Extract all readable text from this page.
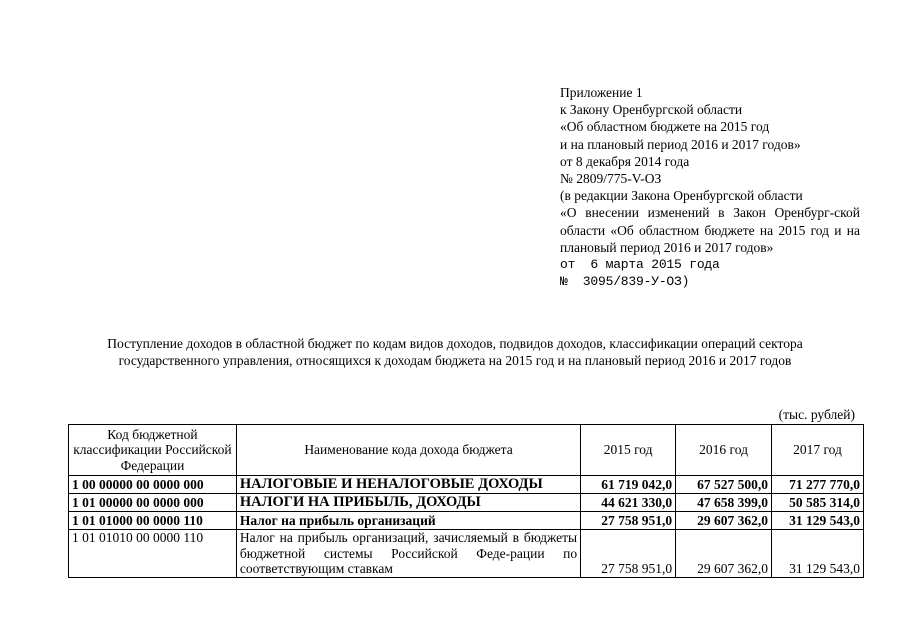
Приложение 1
к Закону Оренбургской области
«Об областном бюджете на 2015 год
и на плановый период 2016 и 2017 годов»
от 8 декабря 2014 года
№ 2809/775-V-ОЗ
(в редакции Закона Оренбургской области
«О внесении изменений в Закон Оренбург-ской области «Об областном бюджете на 2015 год и на плановый период 2016 и 2017 годов»
от  6 марта 2015 года
№  3095/839-У-ОЗ)
Поступление доходов в областной бюджет по кодам видов доходов, подвидов доходов, классификации операций сектора государственного управления, относящихся к доходам бюджета на 2015 год и на плановый период 2016 и 2017 годов
(тыс. рублей)
Код бюджетной классификации Российской Федерации	Наименование кода дохода бюджета	2015 год	2016 год	2017 год
1 00 00000 00 0000 000	НАЛОГОВЫЕ И НЕНАЛОГОВЫЕ ДОХОДЫ	61 719 042,0	67 527 500,0	71 277 770,0
1 01 00000 00 0000 000	НАЛОГИ НА ПРИБЫЛЬ, ДОХОДЫ	44 621 330,0	47 658 399,0	50 585 314,0
1 01 01000 00 0000 110	Налог на прибыль организаций	27 758 951,0	29 607 362,0	31 129 543,0
1 01 01010 00 0000 110	Налог на прибыль организаций, зачисляемый в бюджеты бюджетной системы Российской Феде-рации по соответствующим ставкам	27 758 951,0	29 607 362,0	31 129 543,0
